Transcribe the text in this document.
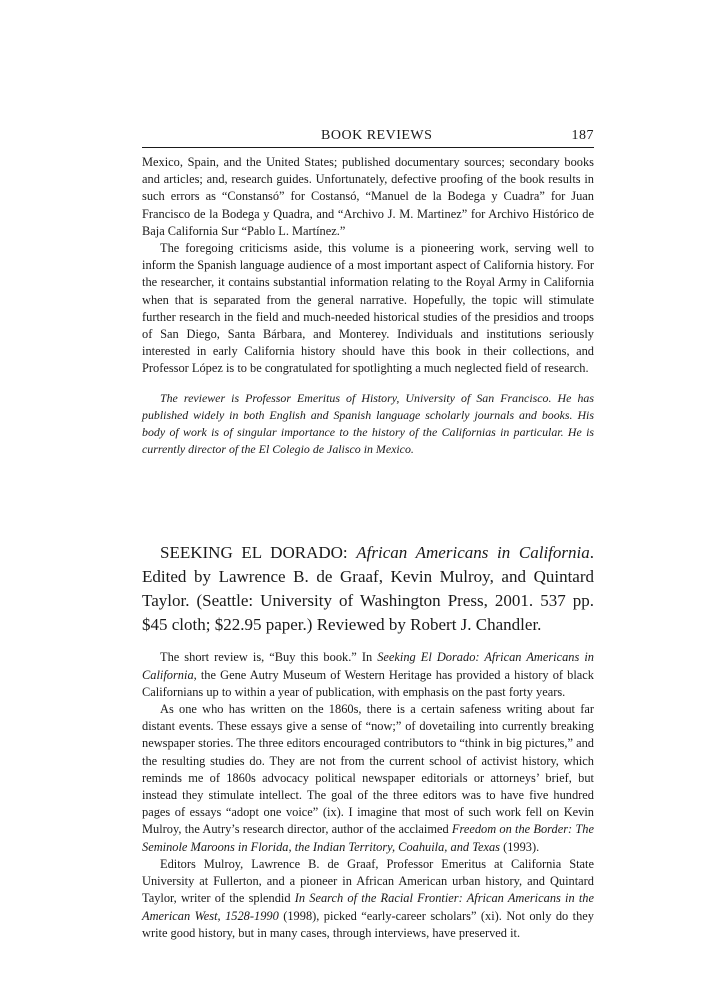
BOOK REVIEWS	187

Mexico, Spain, and the United States; published documentary sources; secondary books and articles; and, research guides. Unfortunately, defective proofing of the book results in such errors as “Constansó” for Costansó, “Manuel de la Bodega y Cuadra” for Juan Francisco de la Bodega y Quadra, and “Archivo J. M. Martinez” for Archivo Histórico de Baja California Sur “Pablo L. Martínez.”

The foregoing criticisms aside, this volume is a pioneering work, serving well to inform the Spanish language audience of a most important aspect of California history. For the researcher, it contains substantial information relating to the Royal Army in California when that is separated from the general narrative. Hopefully, the topic will stimulate further research in the field and much-needed historical studies of the presidios and troops of San Diego, Santa Bárbara, and Monterey. Individuals and institutions seriously interested in early California history should have this book in their collections, and Professor López is to be congratulated for spotlighting a much neglected field of research.

The reviewer is Professor Emeritus of History, University of San Francisco. He has published widely in both English and Spanish language scholarly journals and books. His body of work is of singular importance to the history of the Californias in particular. He is currently director of the El Colegio de Jalisco in Mexico.

SEEKING EL DORADO: African Americans in California. Edited by Lawrence B. de Graaf, Kevin Mulroy, and Quintard Taylor. (Seattle: University of Washington Press, 2001. 537 pp. $45 cloth; $22.95 paper.) Reviewed by Robert J. Chandler.

The short review is, “Buy this book.” In Seeking El Dorado: African Americans in California, the Gene Autry Museum of Western Heritage has provided a history of black Californians up to within a year of publication, with emphasis on the past forty years.

As one who has written on the 1860s, there is a certain safeness writing about far distant events. These essays give a sense of “now;” of dovetailing into currently breaking newspaper stories. The three editors encouraged contributors to “think in big pictures,” and the resulting studies do. They are not from the current school of activist history, which reminds me of 1860s advocacy political newspaper editorials or attorneys’ brief, but instead they stimulate intellect. The goal of the three editors was to have five hundred pages of essays “adopt one voice” (ix). I imagine that most of such work fell on Kevin Mulroy, the Autry’s research director, author of the acclaimed Freedom on the Border: The Seminole Maroons in Florida, the Indian Territory, Coahuila, and Texas (1993).

Editors Mulroy, Lawrence B. de Graaf, Professor Emeritus at California State University at Fullerton, and a pioneer in African American urban history, and Quintard Taylor, writer of the splendid In Search of the Racial Frontier: African Americans in the American West, 1528-1990 (1998), picked “early-career scholars” (xi). Not only do they write good history, but in many cases, through interviews, have preserved it.
